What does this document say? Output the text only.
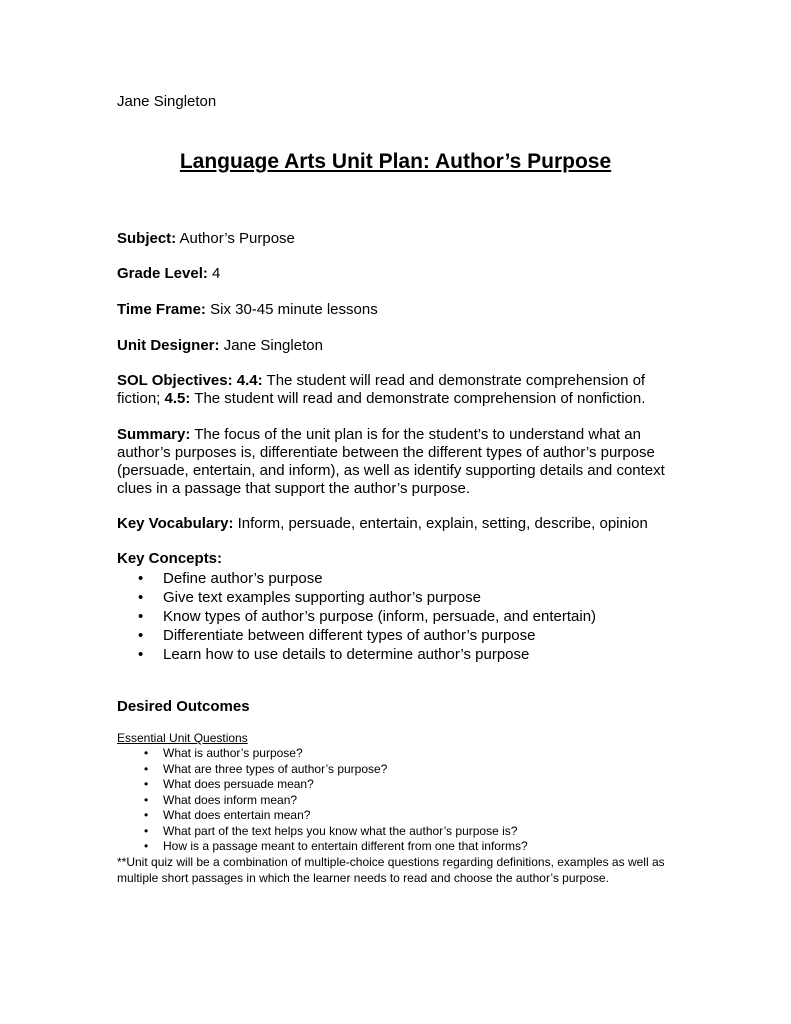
Jane Singleton
Language Arts Unit Plan: Author’s Purpose
Subject: Author’s Purpose
Grade Level: 4
Time Frame: Six 30-45 minute lessons
Unit Designer: Jane Singleton
SOL Objectives: 4.4: The student will read and demonstrate comprehension of fiction; 4.5: The student will read and demonstrate comprehension of nonfiction.
Summary: The focus of the unit plan is for the student’s to understand what an author’s purposes is, differentiate between the different types of author’s purpose (persuade, entertain, and inform), as well as identify supporting details and context clues in a passage that support the author’s purpose.
Key Vocabulary: Inform, persuade, entertain, explain, setting, describe, opinion
Key Concepts:
• Define author’s purpose
• Give text examples supporting author’s purpose
• Know types of author’s purpose (inform, persuade, and entertain)
• Differentiate between different types of author’s purpose
• Learn how to use details to determine author’s purpose
Desired Outcomes
Essential Unit Questions
• What is author’s purpose?
• What are three types of author’s purpose?
• What does persuade mean?
• What does inform mean?
• What does entertain mean?
• What part of the text helps you know what the author’s purpose is?
• How is a passage meant to entertain different from one that informs?
**Unit quiz will be a combination of multiple-choice questions regarding definitions, examples as well as multiple short passages in which the learner needs to read and choose the author’s purpose.
